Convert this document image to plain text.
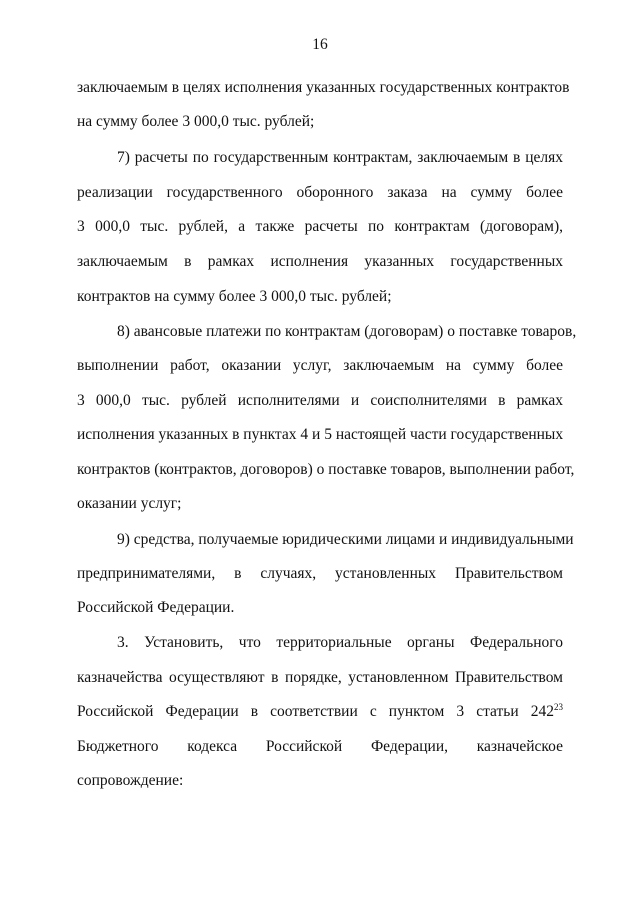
16
заключаемым в целях исполнения указанных государственных контрактов
на сумму более 3 000,0 тыс. рублей;
7) расчеты по государственным контрактам, заключаемым в целях
реализации государственного оборонного заказа на сумму более
3 000,0 тыс. рублей, а также расчеты по контрактам (договорам),
заключаемым в рамках исполнения указанных государственных
контрактов на сумму более 3 000,0 тыс. рублей;
8) авансовые платежи по контрактам (договорам) о поставке товаров,
выполнении работ, оказании услуг, заключаемым на сумму более
3 000,0 тыс. рублей исполнителями и соисполнителями в рамках
исполнения указанных в пунктах 4 и 5 настоящей части государственных
контрактов (контрактов, договоров) о поставке товаров, выполнении работ,
оказании услуг;
9) средства, получаемые юридическими лицами и индивидуальными
предпринимателями, в случаях, установленных Правительством
Российской Федерации.
3. Установить, что территориальные органы Федерального
казначейства осуществляют в порядке, установленном Правительством
Российской Федерации в соответствии с пунктом 3 статьи $242^{23}$
Бюджетного кодекса Российской Федерации, казначейское
сопровождение:
